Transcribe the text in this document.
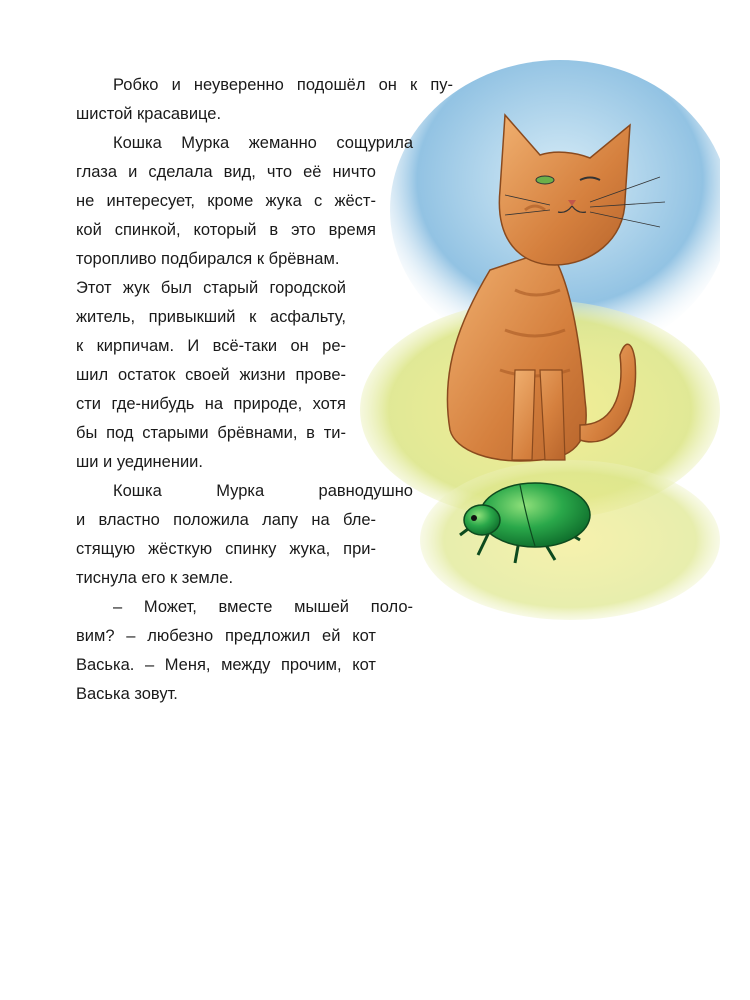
Робко и неуверенно подошёл он к пу-
шистой красавице.
Кошка Мурка жеманно сощурила
глаза и сделала вид, что её ничто
не интересует, кроме жука с жёст-
кой спинкой, который в это время
торопливо подбирался к брёвнам.
Этот жук был старый городской
житель, привыкший к асфальту,
к кирпичам. И всё-таки он ре-
шил остаток своей жизни прове-
сти где-нибудь на природе, хотя
бы под старыми брёвнами, в ти-
ши и уединении.
Кошка Мурка равнодушно
и властно положила лапу на бле-
стящую жёсткую спинку жука, при-
тиснула его к земле.
– Может, вместе мышей поло-
вим? – любезно предложил ей кот
Васька. – Меня, между прочим, кот
Васька зовут.
